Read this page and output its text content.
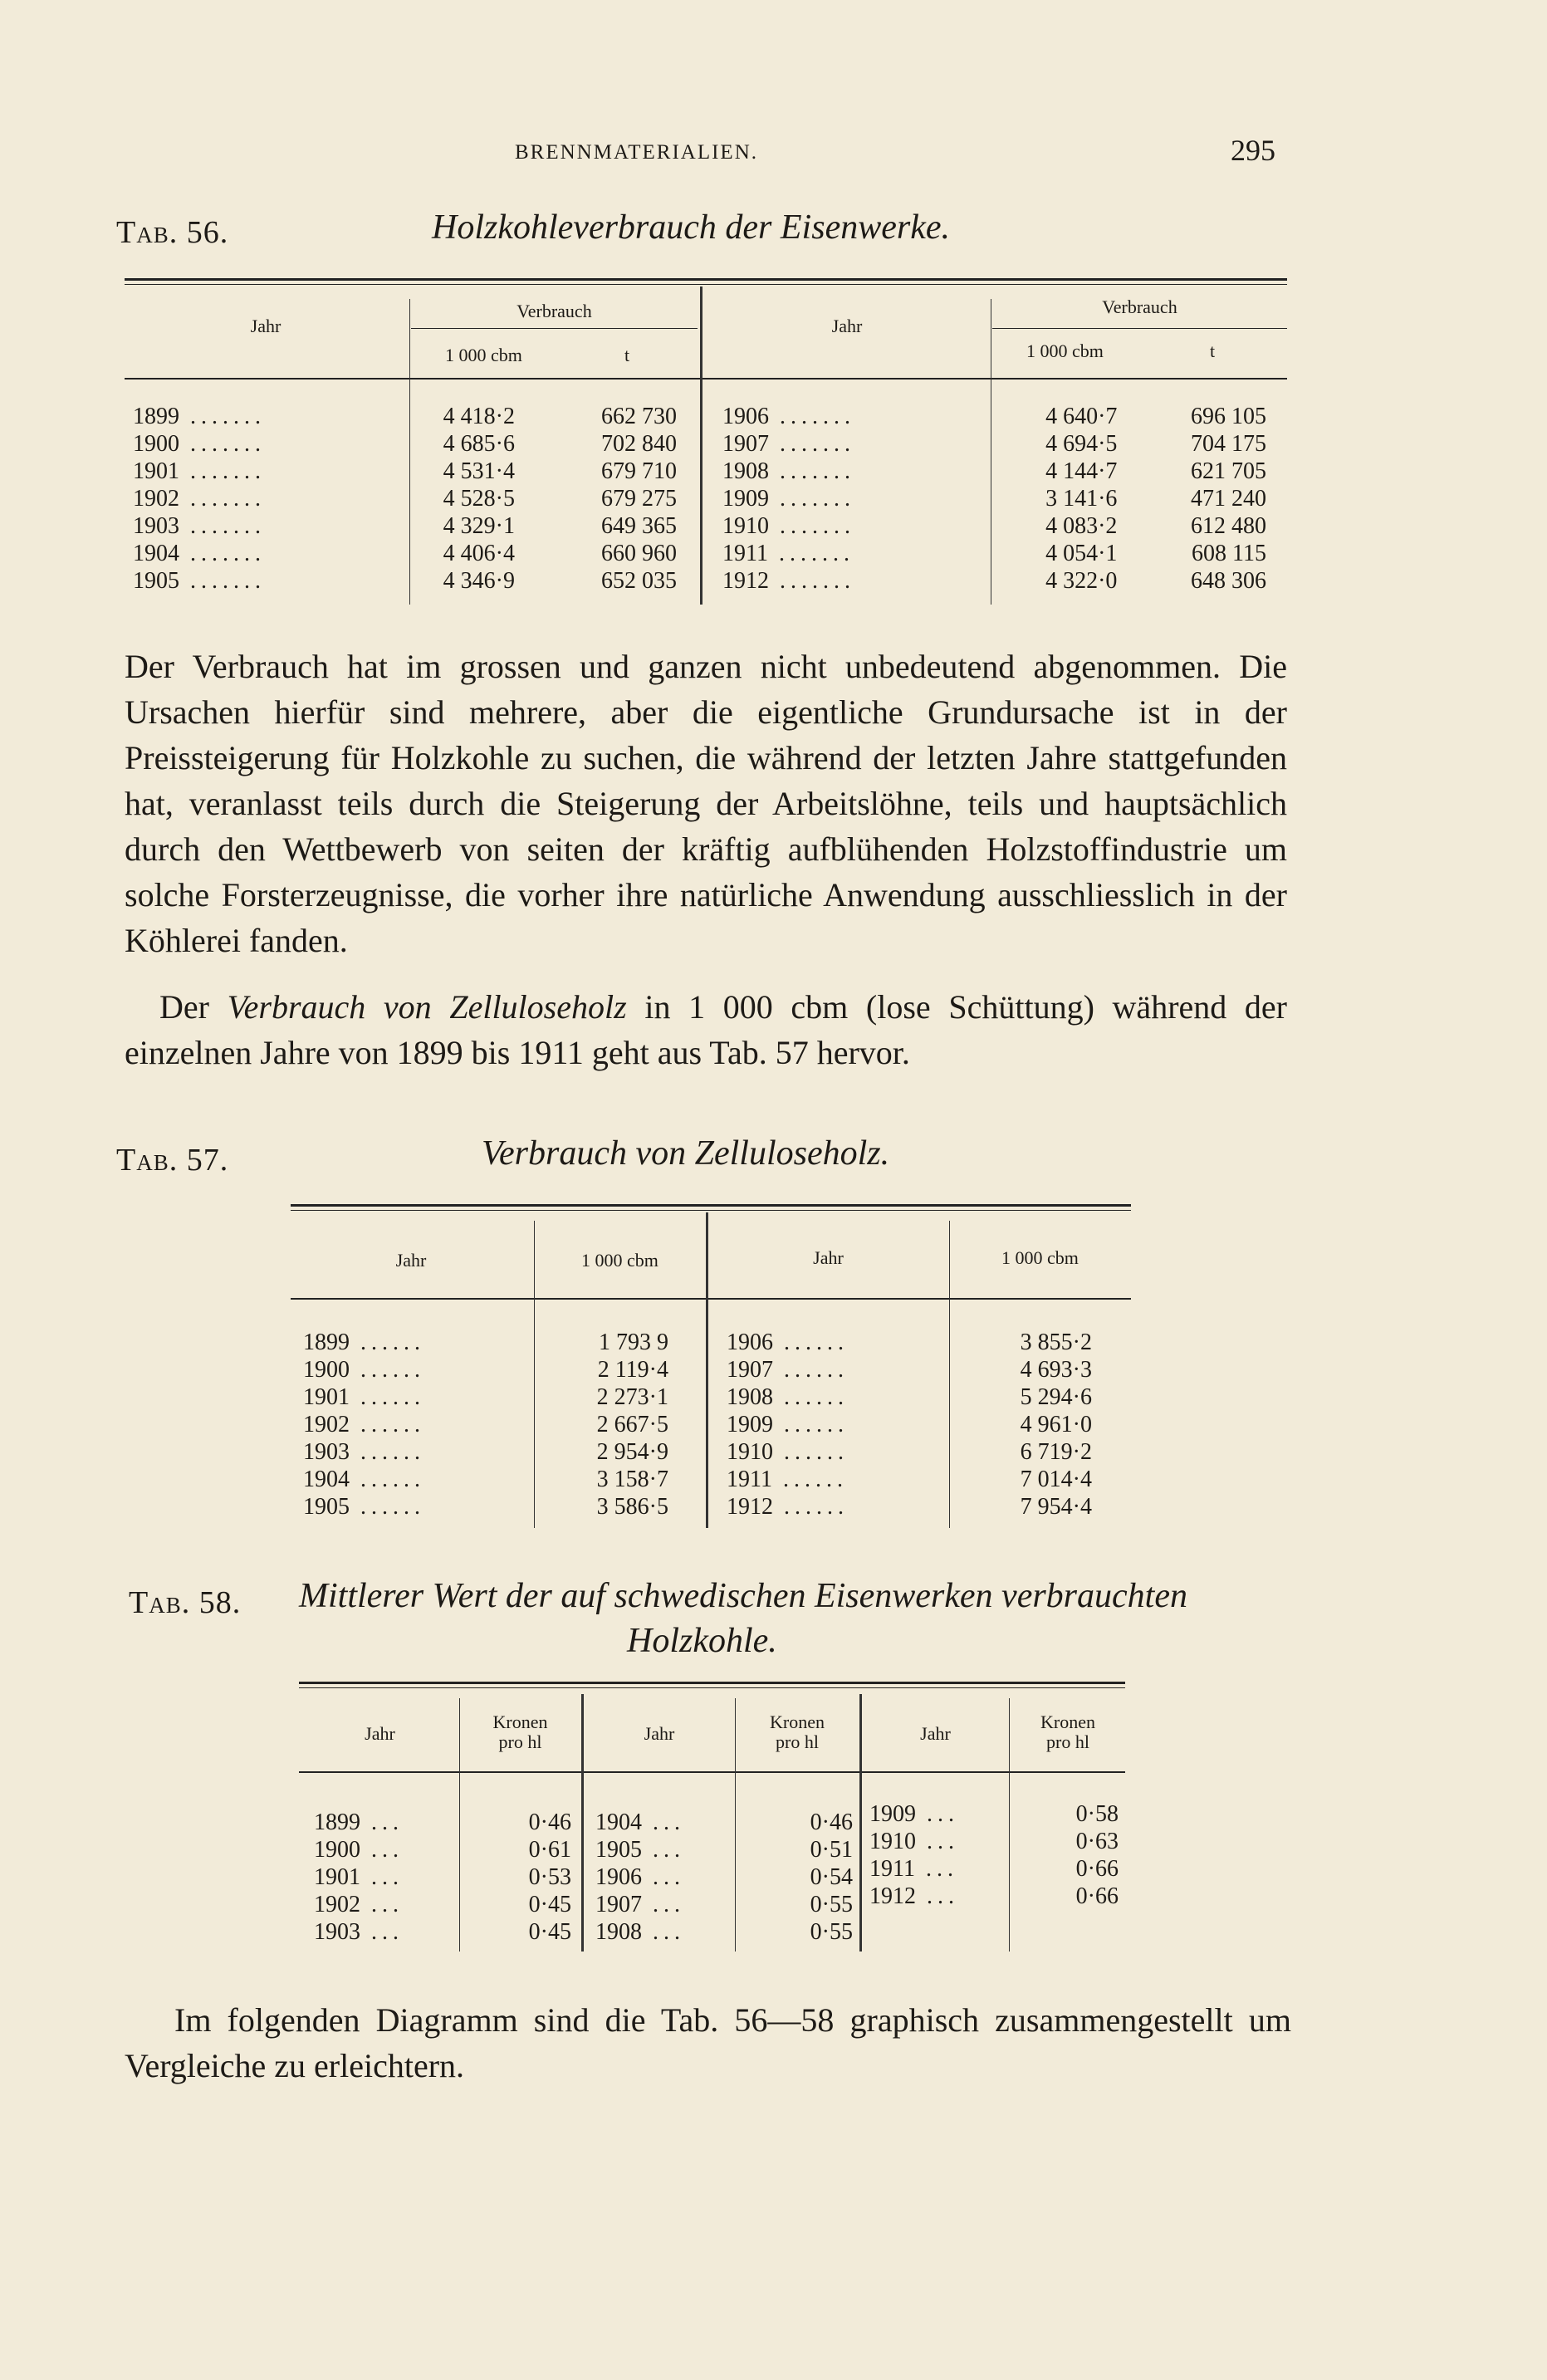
BRENNMATERIALIEN.	295
Tab. 56.	Holzkohleverbrauch der Eisenwerke.
Jahr
Verbrauch
1 000 cbm	t
Jahr
Verbrauch
1 000 cbm	t
1899 .......	4 418·2	662 730
1900 .......	4 685·6	702 840
1901 .......	4 531·4	679 710
1902 .......	4 528·5	679 275
1903 .......	4 329·1	649 365
1904 .......	4 406·4	660 960
1905 .......	4 346·9	652 035
1906 .......	4 640·7	696 105
1907 .......	4 694·5	704 175
1908 .......	4 144·7	621 705
1909 .......	3 141·6	471 240
1910 .......	4 083·2	612 480
1911 .......	4 054·1	608 115
1912 .......	4 322·0	648 306
Der Verbrauch hat im grossen und ganzen nicht unbedeutend abgenommen. Die Ursachen hierfür sind mehrere, aber die eigentliche Grundursache ist in der Preissteigerung für Holzkohle zu suchen, die während der letzten Jahre stattgefunden hat, veranlasst teils durch die Steigerung der Arbeitslöhne, teils und hauptsächlich durch den Wettbewerb von seiten der kräftig aufblühenden Holzstoffindustrie um solche Forsterzeugnisse, die vorher ihre natürliche Anwendung ausschliesslich in der Köhlerei fanden.
Der Verbrauch von Zelluloseholz in 1 000 cbm (lose Schüttung) während der einzelnen Jahre von 1899 bis 1911 geht aus Tab. 57 hervor.
Tab. 57.	Verbrauch von Zelluloseholz.
Jahr	1 000 cbm	Jahr	1 000 cbm
1899 ......	1 793 9
1900 ......	2 119·4
1901 ......	2 273·1
1902 ......	2 667·5
1903 ......	2 954·9
1904 ......	3 158·7
1905 ......	3 586·5
1906 ......	3 855·2
1907 ......	4 693·3
1908 ......	5 294·6
1909 ......	4 961·0
1910 ......	6 719·2
1911 ......	7 014·4
1912 ......	7 954·4
Tab. 58. Mittlerer Wert der auf schwedischen Eisenwerken verbrauchten
Holzkohle.
Jahr
Kronen
pro hl	Jahr
Kronen
pro hl	Jahr
Kronen
pro hl
1899 ...	0·46
1900 ...	0·61
1901 ...	0·53
1902 ...	0·45
1903 ...	0·45
1904 ...	0·46
1905 ...	0·51
1906 ...	0·54
1907 ...	0·55
1908 ...	0·55
1909 ...	0·58
1910 ...	0·63
1911 ...	0·66
1912 ...	0·66
Im folgenden Diagramm sind die Tab. 56—58 graphisch zusammengestellt um Vergleiche zu erleichtern.
